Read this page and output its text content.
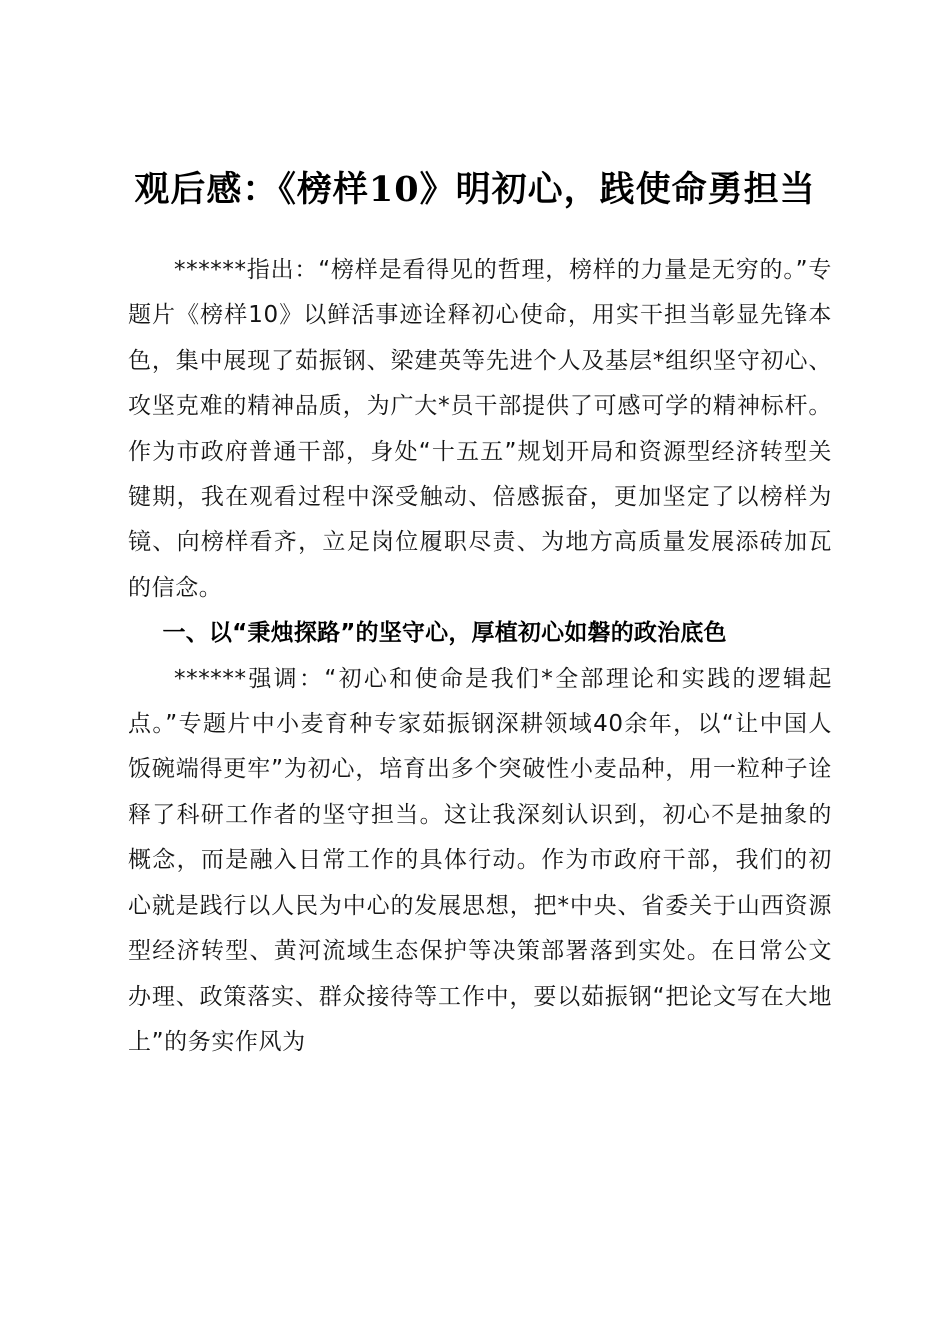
观后感：《榜样10》明初心，践使命勇担当

******指出：“榜样是看得见的哲理，榜样的力量是无穷的。”专题片《榜样10》以鲜活事迹诠释初心使命，用实干担当彰显先锋本色，集中展现了茹振钢、梁建英等先进个人及基层*组织坚守初心、攻坚克难的精神品质，为广大*员干部提供了可感可学的精神标杆。作为市政府普通干部，身处“十五五”规划开局和资源型经济转型关键期，我在观看过程中深受触动、倍感振奋，更加坚定了以榜样为镜、向榜样看齐，立足岗位履职尽责、为地方高质量发展添砖加瓦的信念。

一、以“秉烛探路”的坚守心，厚植初心如磐的政治底色

******强调：“初心和使命是我们*全部理论和实践的逻辑起点。”专题片中小麦育种专家茹振钢深耕领域40余年，以“让中国人饭碗端得更牢”为初心，培育出多个突破性小麦品种，用一粒种子诠释了科研工作者的坚守担当。这让我深刻认识到，初心不是抽象的概念，而是融入日常工作的具体行动。作为市政府干部，我们的初心就是践行以人民为中心的发展思想，把*中央、省委关于山西资源型经济转型、黄河流域生态保护等决策部署落到实处。在日常公文办理、政策落实、群众接待等工作中，要以茹振钢“把论文写在大地上”的务实作风为
